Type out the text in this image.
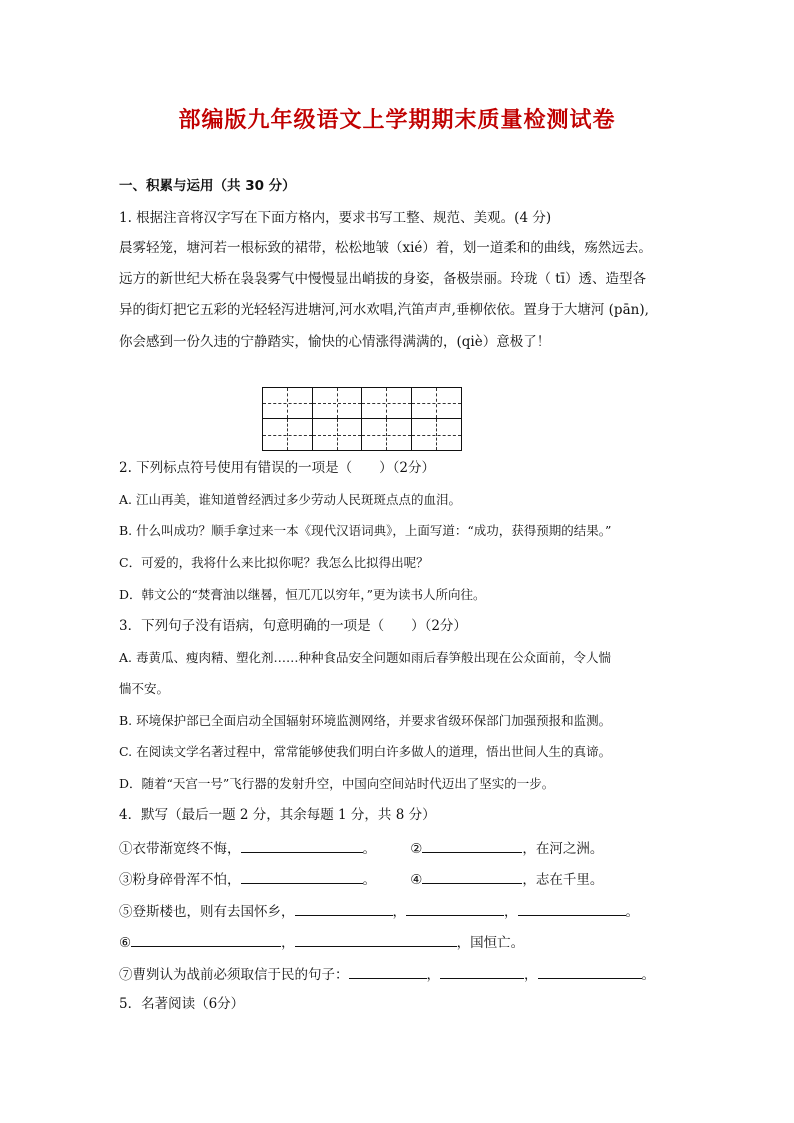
部编版九年级语文上学期期末质量检测试卷
一、积累与运用（共 30 分）
1. 根据注音将汉字写在下面方格内，要求书写工整、规范、美观。(4 分)
晨雾轻笼，塘河若一根标致的裙带，松松地皱（xié）着，划一道柔和的曲线，殇然远去。
远方的新世纪大桥在袅袅雾气中慢慢显出峭拔的身姿，备极崇丽。玲珑（ tī）透、造型各
异的街灯把它五彩的光轻轻泻进塘河,河水欢唱,汽笛声声,垂柳依依。置身于大塘河 (pān),
你会感到一份久违的宁静踏实，愉快的心情涨得满满的，(qiè）意极了！
2. 下列标点符号使用有错误的一项是（　　）（2分）
A. 江山再美，谁知道曾经洒过多少劳动人民斑斑点点的血泪。
B. 什么叫成功？顺手拿过来一本《现代汉语词典》，上面写道：“成功，获得预期的结果。”
C．可爱的，我将什么来比拟你呢？我怎么比拟得出呢？
D．韩文公的“焚膏油以继晷，恒兀兀以穷年，”更为读书人所向往。
3．下列句子没有语病，句意明确的一项是（　　）（2分）
A. 毒黄瓜、瘦肉精、塑化剂……种种食品安全问题如雨后春笋般出现在公众面前，令人惴
惴不安。
B. 环境保护部已全面启动全国辐射环境监测网络，并要求省级环保部门加强预报和监测。
C. 在阅读文学名著过程中，常常能够使我们明白许多做人的道理，悟出世间人生的真谛。
D．随着“天宫一号”飞行器的发射升空，中国向空间站时代迈出了坚实的一步。
4．默写（最后一题 2 分，其余每题 1 分，共 8 分）
①衣带渐宽终不悔，	。	②	，在河之洲。
③粉身碎骨浑不怕，	。	④	，志在千里。
⑤登斯楼也，则有去国怀乡，	，	，	。
⑥	，	，国恒亡。
⑦曹刿认为战前必须取信于民的句子：	，	，	。
5．名著阅读（6分）
